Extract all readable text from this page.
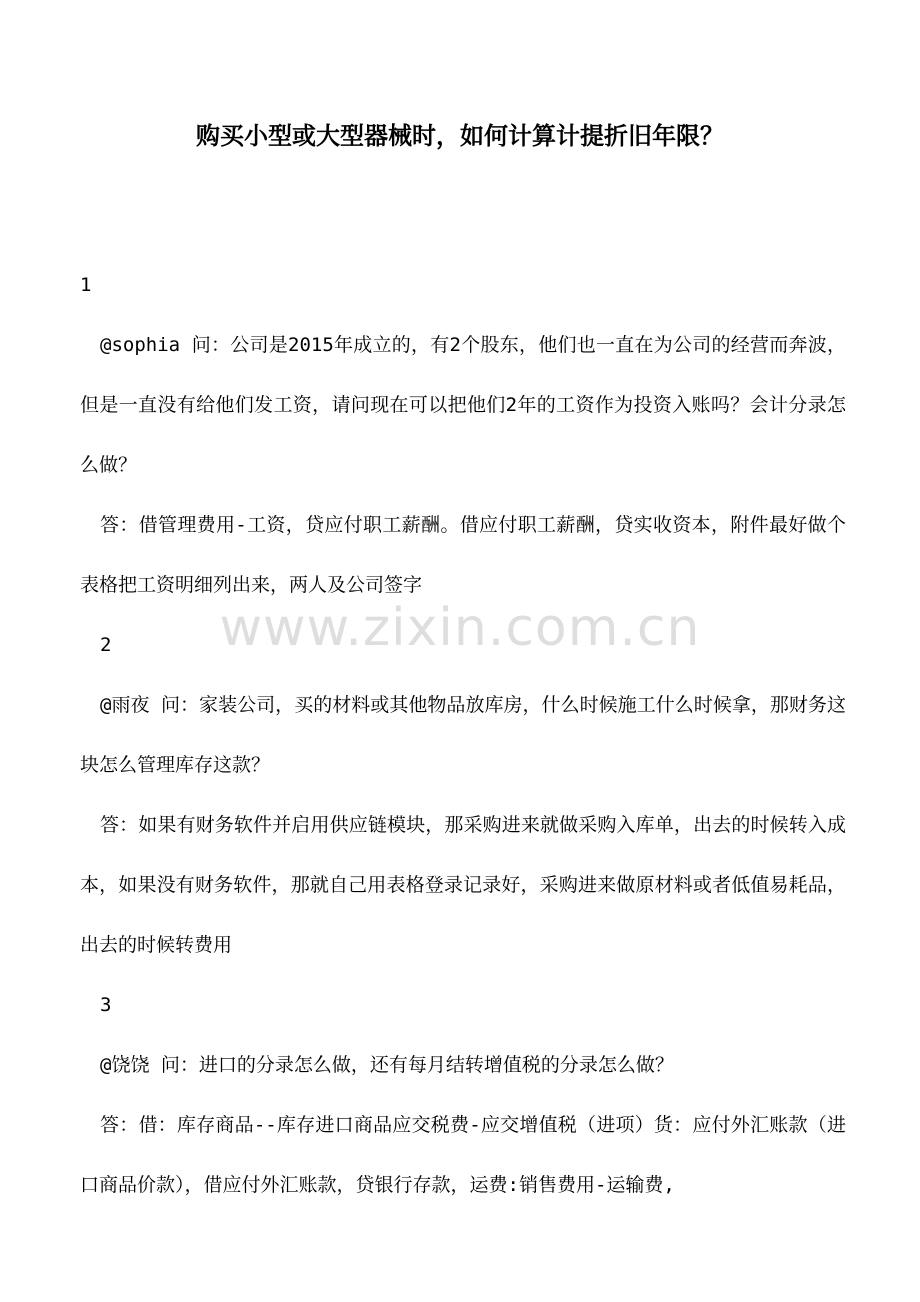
购买小型或大型器械时，如何计算计提折旧年限？
www.zixin.com.cn

1

@sophia 问：公司是2015年成立的，有2个股东，他们也一直在为公司的经营而奔波，但是一直没有给他们发工资，请问现在可以把他们2年的工资作为投资入账吗？会计分录怎么做？

答：借管理费用-工资，贷应付职工薪酬。借应付职工薪酬，贷实收资本，附件最好做个表格把工资明细列出来，两人及公司签字

2

@雨夜 问：家装公司，买的材料或其他物品放库房，什么时候施工什么时候拿，那财务这块怎么管理库存这款？

答：如果有财务软件并启用供应链模块，那采购进来就做采购入库单，出去的时候转入成本，如果没有财务软件，那就自己用表格登录记录好，采购进来做原材料或者低值易耗品，出去的时候转费用

3

@饶饶 问：进口的分录怎么做，还有每月结转增值税的分录怎么做？

答：借：库存商品--库存进口商品应交税费-应交增值税（进项）货：应付外汇账款（进口商品价款），借应付外汇账款，贷银行存款，运费:销售费用-运输费,
